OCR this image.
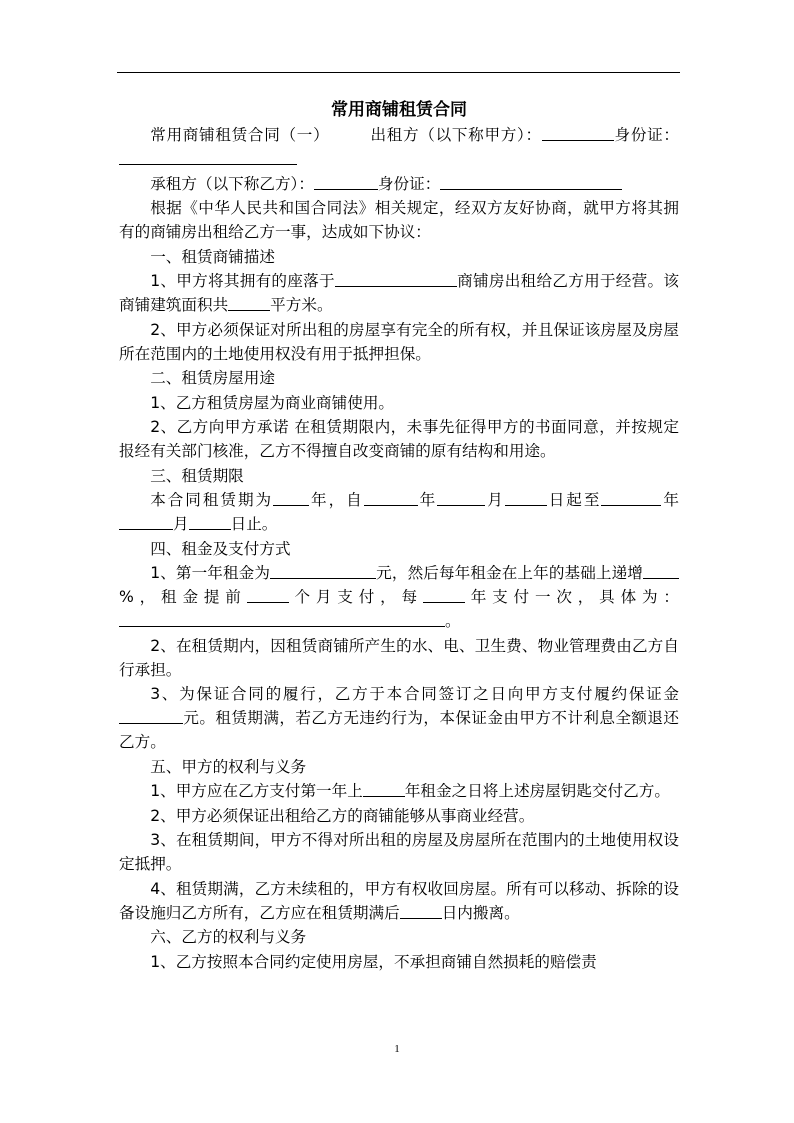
常用商铺租赁合同
常用商铺租赁合同（一）　　　出租方（以下称甲方）：	身份证：
承租方（以下称乙方）：	身份证：
根据《中华人民共和国合同法》相关规定，经双方友好协商，就甲方将其拥有的商铺房出租给乙方一事，达成如下协议：
一、租赁商铺描述
1、甲方将其拥有的座落于	商铺房出租给乙方用于经营。该商铺建筑面积共	平方米。
2、甲方必须保证对所出租的房屋享有完全的所有权，并且保证该房屋及房屋所在范围内的土地使用权没有用于抵押担保。
二、租赁房屋用途
1、乙方租赁房屋为商业商铺使用。
2、乙方向甲方承诺 在租赁期限内，未事先征得甲方的书面同意，并按规定报经有关部门核准，乙方不得擅自改变商铺的原有结构和用途。
三、租赁期限
本合同租赁期为 年，自	年	月	日起至	年月	日止。
四、租金及支付方式
1、第一年租金为	元，然后每年租金在上年的基础上递增%，租金提前	个月支付，每	年支付一次，具体为：。
2、在租赁期内，因租赁商铺所产生的水、电、卫生费、物业管理费由乙方自行承担。
3、为保证合同的履行，乙方于本合同签订之日向甲方支付履约保证金元。租赁期满，若乙方无违约行为，本保证金由甲方不计利息全额退还乙方。
五、甲方的权利与义务
1、甲方应在乙方支付第一年上	年租金之日将上述房屋钥匙交付乙方。
2、甲方必须保证出租给乙方的商铺能够从事商业经营。
3、在租赁期间，甲方不得对所出租的房屋及房屋所在范围内的土地使用权设定抵押。
4、租赁期满，乙方未续租的，甲方有权收回房屋。所有可以移动、拆除的设备设施归乙方所有，乙方应在租赁期满后	日内搬离。
六、乙方的权利与义务
1、乙方按照本合同约定使用房屋，不承担商铺自然损耗的赔偿责
1
